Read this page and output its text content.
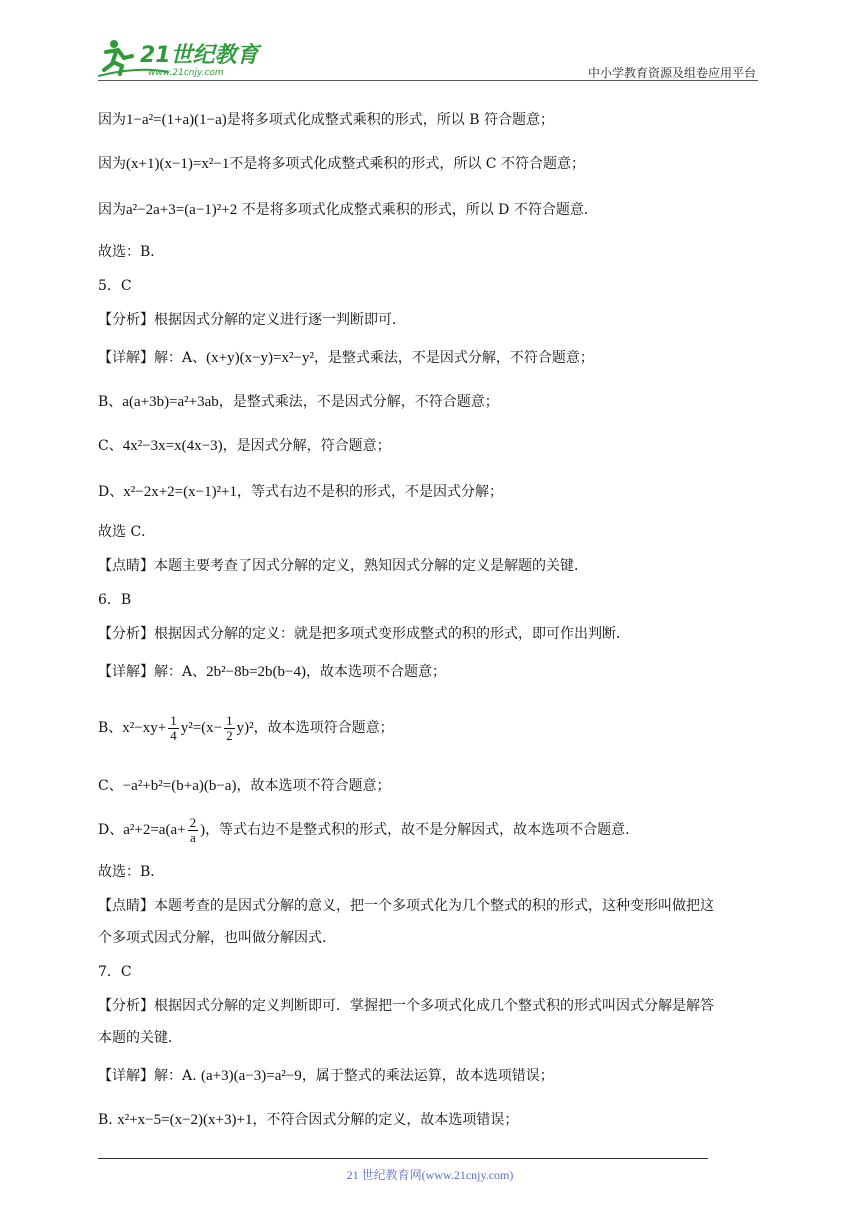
21世纪教育
www.21cnjy.com	中小学教育资源及组卷应用平台
因为1−a²=(1+a)(1−a)是将多项式化成整式乘积的形式，所以 B 符合题意；
因为(x+1)(x−1)=x²−1不是将多项式化成整式乘积的形式，所以 C 不符合题意；
因为a²−2a+3=(a−1)²+2 不是将多项式化成整式乘积的形式，所以 D 不符合题意．
故选：B．
5．C
【分析】根据因式分解的定义进行逐一判断即可．
【详解】解：A、(x+y)(x−y)=x²−y²，是整式乘法，不是因式分解，不符合题意；
B、a(a+3b)=a²+3ab，是整式乘法，不是因式分解，不符合题意；
C、4x²−3x=x(4x−3)，是因式分解，符合题意；
D、x²−2x+2=(x−1)²+1，等式右边不是积的形式，不是因式分解；
故选 C．
【点睛】本题主要考查了因式分解的定义，熟知因式分解的定义是解题的关键．
6．B
【分析】根据因式分解的定义：就是把多项式变形成整式的积的形式，即可作出判断．
【详解】解：A、2b²−8b=2b(b−4)，故本选项不合题意；
B、$x^2-xy+ \frac{1}{4} y^2=(x- \frac{1}{2} y)^2$，故本选项符合题意；
C、−a²+b²=(b+a)(b−a)，故本选项不符合题意；
D、$a^2+2=a(a+ \frac{2}{a}$ )，等式右边不是整式积的形式，故不是分解因式，故本选项不合题意．
故选：B．
【点睛】本题考查的是因式分解的意义，把一个多项式化为几个整式的积的形式，这种变形叫做把这
个多项式因式分解，也叫做分解因式．
7．C
【分析】根据因式分解的定义判断即可．掌握把一个多项式化成几个整式积的形式叫因式分解是解答
本题的关键．
【详解】解：A. (a+3)(a−3)=a²−9，属于整式的乘法运算，故本选项错误；
B. x²+x−5=(x−2)(x+3)+1，不符合因式分解的定义，故本选项错误；
21 世纪教育网(www.21cnjy.com)
